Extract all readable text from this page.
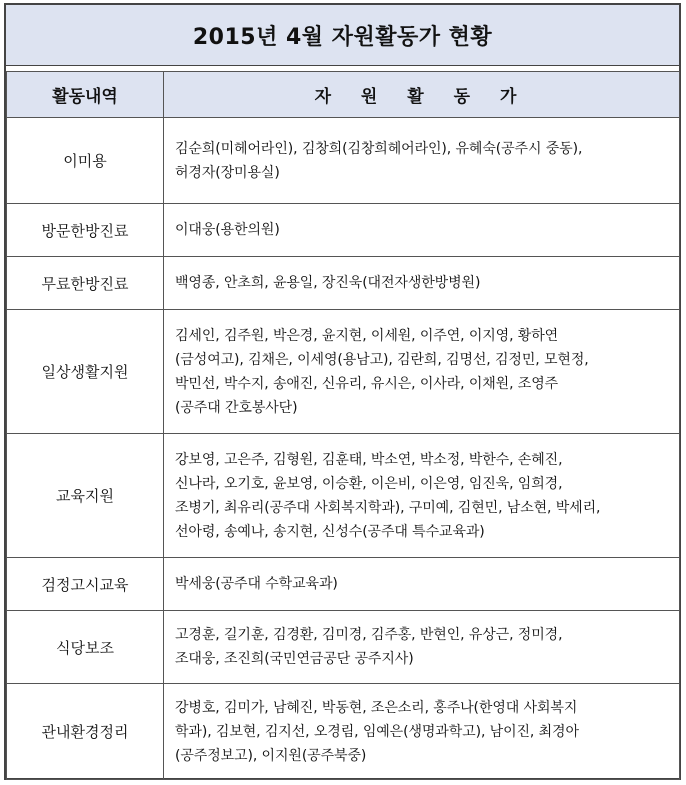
2015년 4월 자원활동가 현황
활동내역	자 원 활 동 가
이미용	김순희(미헤어라인), 김창희(김창희헤어라인), 유혜숙(공주시 중동),
허경자(장미용실)
방문한방진료	이대웅(용한의원)
무료한방진료	백영종, 안초희, 윤용일, 장진욱(대전자생한방병원)
일상생활지원	김세인, 김주원, 박은경, 윤지현, 이세원, 이주연, 이지영, 황하연
(금성여고), 김채은, 이세영(용남고), 김란희, 김명선, 김정민, 모현정,
박민선, 박수지, 송애진, 신유리, 유시은, 이사라, 이채원, 조영주
(공주대 간호봉사단)
교육지원	강보영, 고은주, 김형원, 김훈태, 박소연, 박소정, 박한수, 손혜진,
신나라, 오기호, 윤보영, 이승환, 이은비, 이은영, 임진욱, 임희경,
조병기, 최유리(공주대 사회복지학과), 구미예, 김현민, 남소현, 박세리,
선아령, 송예나, 송지현, 신성수(공주대 특수교육과)
검정고시교육	박세웅(공주대 수학교육과)
식당보조	고경훈, 길기훈, 김경환, 김미경, 김주홍, 반현인, 유상근, 정미경,
조대웅, 조진희(국민연금공단 공주지사)
관내환경정리	강병호, 김미가, 남혜진, 박동현, 조은소리, 홍주나(한영대 사회복지
학과), 김보현, 김지선, 오경림, 임예은(생명과학고), 남이진, 최경아
(공주정보고), 이지원(공주북중)
